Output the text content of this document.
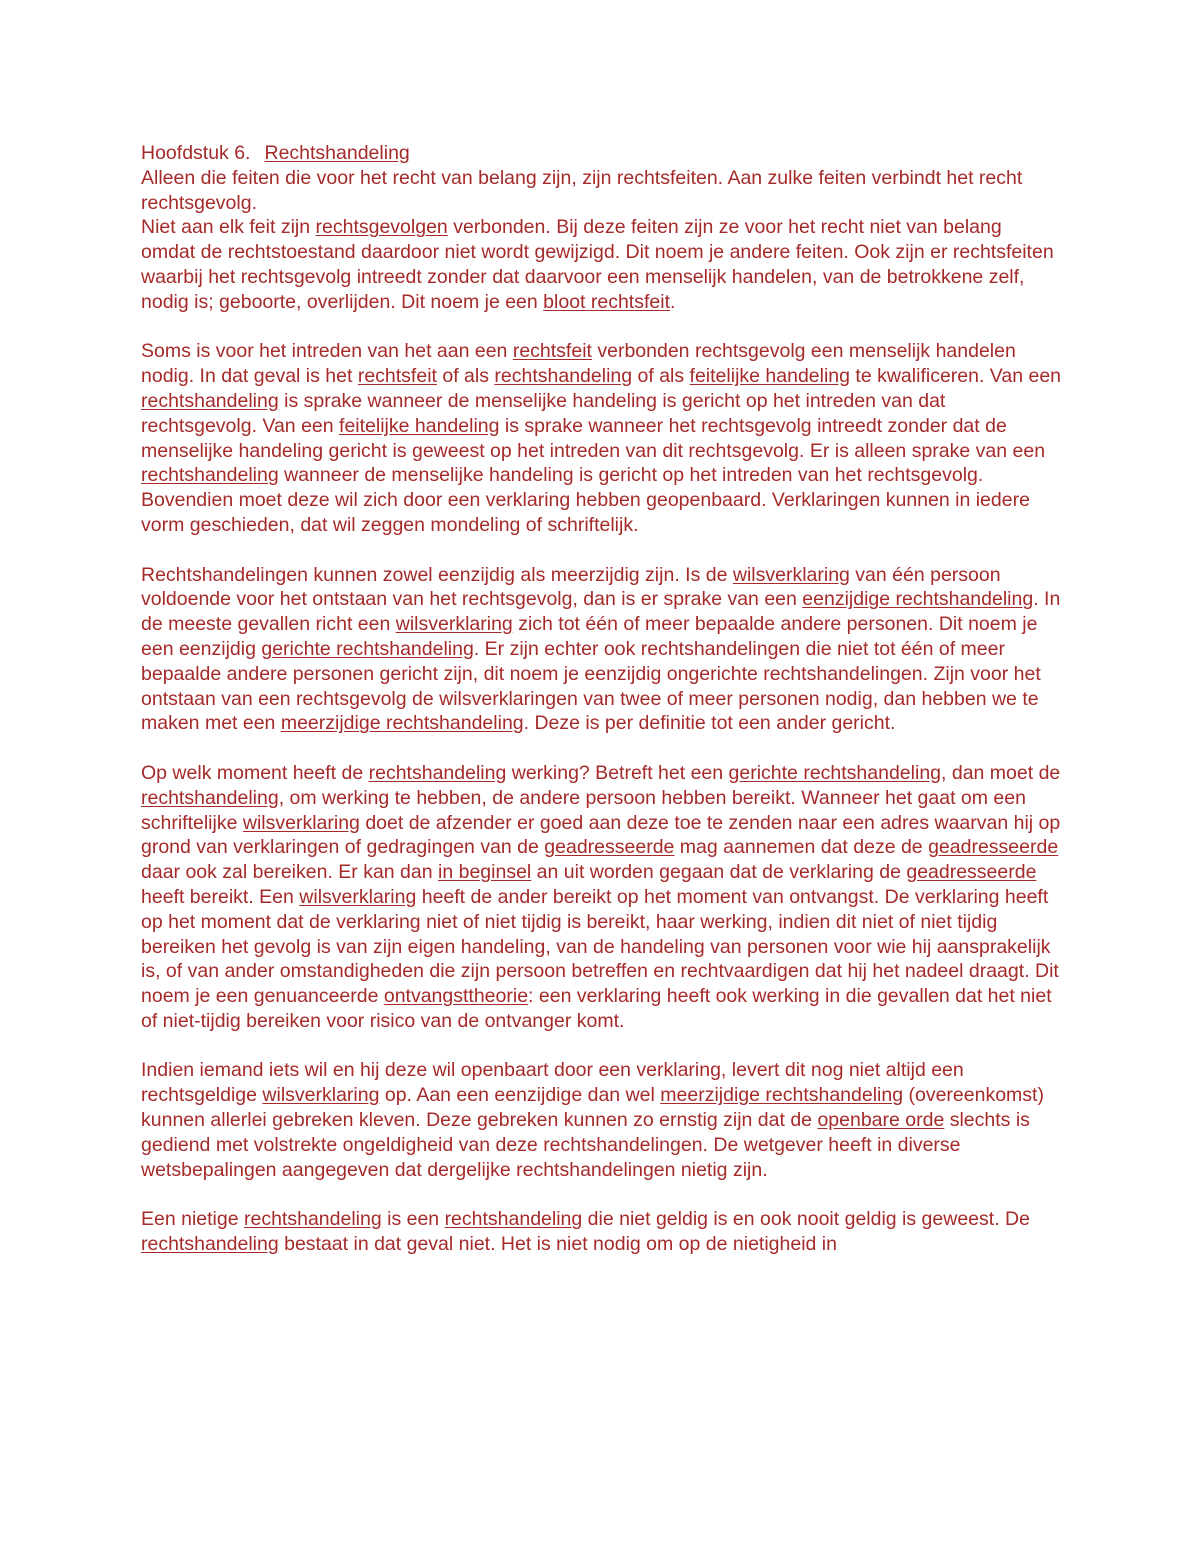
Hoofdstuk 6. Rechtshandeling
Alleen die feiten die voor het recht van belang zijn, zijn rechtsfeiten. Aan zulke feiten verbindt het recht rechtsgevolg.
Niet aan elk feit zijn rechtsgevolgen verbonden. Bij deze feiten zijn ze voor het recht niet van belang omdat de rechtstoestand daardoor niet wordt gewijzigd. Dit noem je andere feiten. Ook zijn er rechtsfeiten waarbij het rechtsgevolg intreedt zonder dat daarvoor een menselijk handelen, van de betrokkene zelf, nodig is; geboorte, overlijden. Dit noem je een bloot rechtsfeit.
Soms is voor het intreden van het aan een rechtsfeit verbonden rechtsgevolg een menselijk handelen nodig. In dat geval is het rechtsfeit of als rechtshandeling of als feitelijke handeling te kwalificeren. Van een rechtshandeling is sprake wanneer de menselijke handeling is gericht op het intreden van dat rechtsgevolg. Van een feitelijke handeling is sprake wanneer het rechtsgevolg intreedt zonder dat de menselijke handeling gericht is geweest op het intreden van dit rechtsgevolg. Er is alleen sprake van een rechtshandeling wanneer de menselijke handeling is gericht op het intreden van het rechtsgevolg. Bovendien moet deze wil zich door een verklaring hebben geopenbaard. Verklaringen kunnen in iedere vorm geschieden, dat wil zeggen mondeling of schriftelijk.
Rechtshandelingen kunnen zowel eenzijdig als meerzijdig zijn. Is de wilsverklaring van één persoon voldoende voor het ontstaan van het rechtsgevolg, dan is er sprake van een eenzijdige rechtshandeling. In de meeste gevallen richt een wilsverklaring zich tot één of meer bepaalde andere personen. Dit noem je een eenzijdig gerichte rechtshandeling. Er zijn echter ook rechtshandelingen die niet tot één of meer bepaalde andere personen gericht zijn, dit noem je eenzijdig ongerichte rechtshandelingen. Zijn voor het ontstaan van een rechtsgevolg de wilsverklaringen van twee of meer personen nodig, dan hebben we te maken met een meerzijdige rechtshandeling. Deze is per definitie tot een ander gericht.
Op welk moment heeft de rechtshandeling werking? Betreft het een gerichte rechtshandeling, dan moet de rechtshandeling, om werking te hebben, de andere persoon hebben bereikt. Wanneer het gaat om een schriftelijke wilsverklaring doet de afzender er goed aan deze toe te zenden naar een adres waarvan hij op grond van verklaringen of gedragingen van de geadresseerde mag aannemen dat deze de geadresseerde daar ook zal bereiken. Er kan dan in beginsel an uit worden gegaan dat de verklaring de geadresseerde heeft bereikt. Een wilsverklaring heeft de ander bereikt op het moment van ontvangst. De verklaring heeft op het moment dat de verklaring niet of niet tijdig is bereikt, haar werking, indien dit niet of niet tijdig bereiken het gevolg is van zijn eigen handeling, van de handeling van personen voor wie hij aansprakelijk is, of van ander omstandigheden die zijn persoon betreffen en rechtvaardigen dat hij het nadeel draagt. Dit noem je een genuanceerde ontvangsttheorie: een verklaring heeft ook werking in die gevallen dat het niet of niet-tijdig bereiken voor risico van de ontvanger komt.
Indien iemand iets wil en hij deze wil openbaart door een verklaring, levert dit nog niet altijd een rechtsgeldige wilsverklaring op. Aan een eenzijdige dan wel meerzijdige rechtshandeling (overeenkomst) kunnen allerlei gebreken kleven. Deze gebreken kunnen zo ernstig zijn dat de openbare orde slechts is gediend met volstrekte ongeldigheid van deze rechtshandelingen. De wetgever heeft in diverse wetsbepalingen aangegeven dat dergelijke rechtshandelingen nietig zijn.
Een nietige rechtshandeling is een rechtshandeling die niet geldig is en ook nooit geldig is geweest. De rechtshandeling bestaat in dat geval niet. Het is niet nodig om op de nietigheid in
